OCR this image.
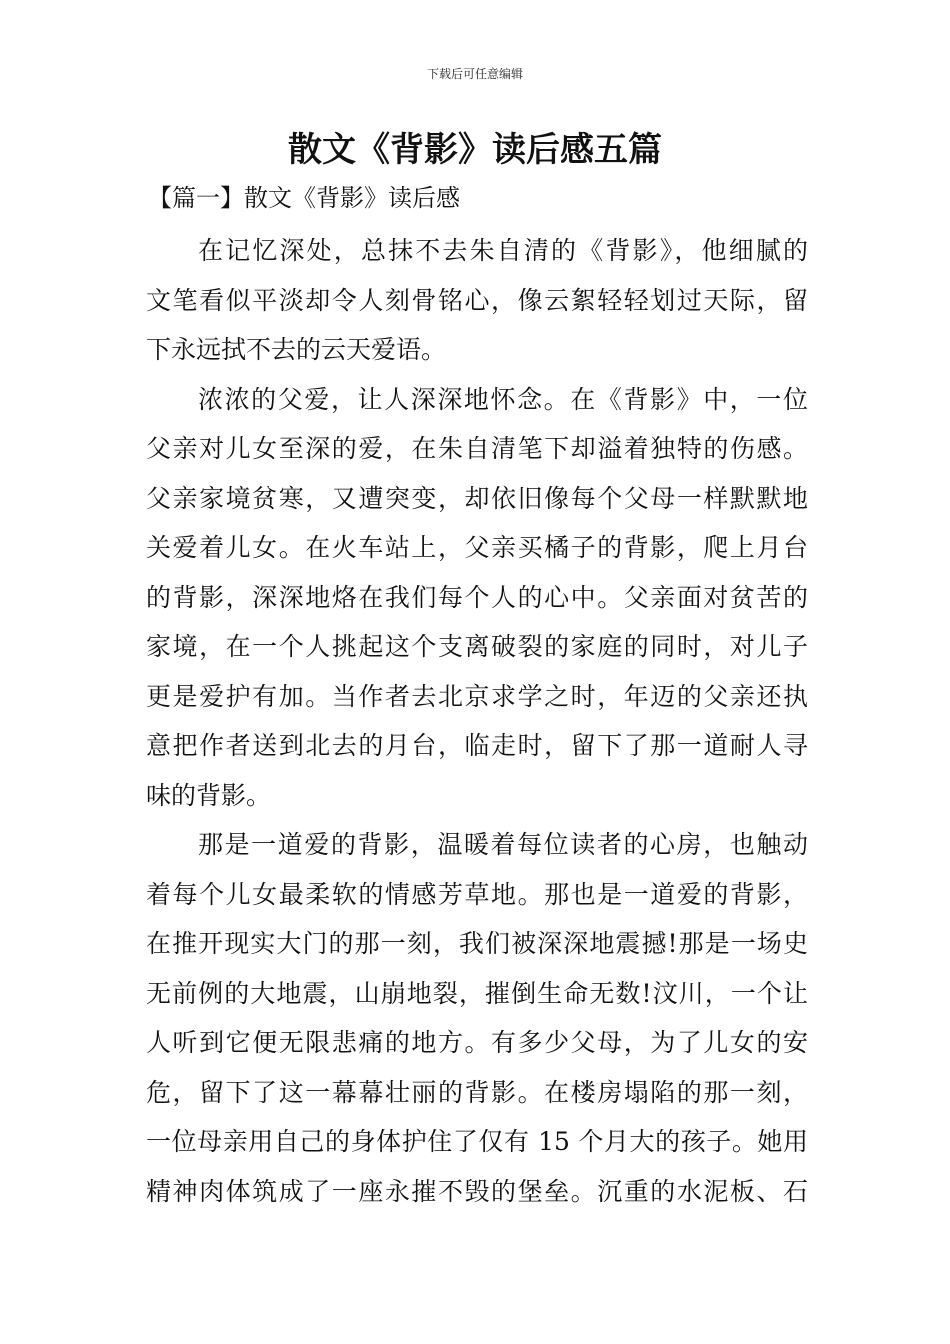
下载后可任意编辑
散文《背影》读后感五篇
【篇一】散文《背影》读后感

在记忆深处，总抹不去朱自清的《背影》，他细腻的
文笔看似平淡却令人刻骨铭心，像云絮轻轻划过天际，留
下永远拭不去的云天爱语。

浓浓的父爱，让人深深地怀念。在《背影》中，一位
父亲对儿女至深的爱，在朱自清笔下却溢着独特的伤感。
父亲家境贫寒，又遭突变，却依旧像每个父母一样默默地
关爱着儿女。在火车站上，父亲买橘子的背影，爬上月台
的背影，深深地烙在我们每个人的心中。父亲面对贫苦的
家境，在一个人挑起这个支离破裂的家庭的同时，对儿子
更是爱护有加。当作者去北京求学之时，年迈的父亲还执
意把作者送到北去的月台，临走时，留下了那一道耐人寻
味的背影。

那是一道爱的背影，温暖着每位读者的心房，也触动
着每个儿女最柔软的情感芳草地。那也是一道爱的背影，
在推开现实大门的那一刻，我们被深深地震撼!那是一场史
无前例的大地震，山崩地裂，摧倒生命无数!汶川，一个让
人听到它便无限悲痛的地方。有多少父母，为了儿女的安
危，留下了这一幕幕壮丽的背影。在楼房塌陷的那一刻，
一位母亲用自己的身体护住了仅有 15 个月大的孩子。她用
精神肉体筑成了一座永摧不毁的堡垒。沉重的水泥板、石
